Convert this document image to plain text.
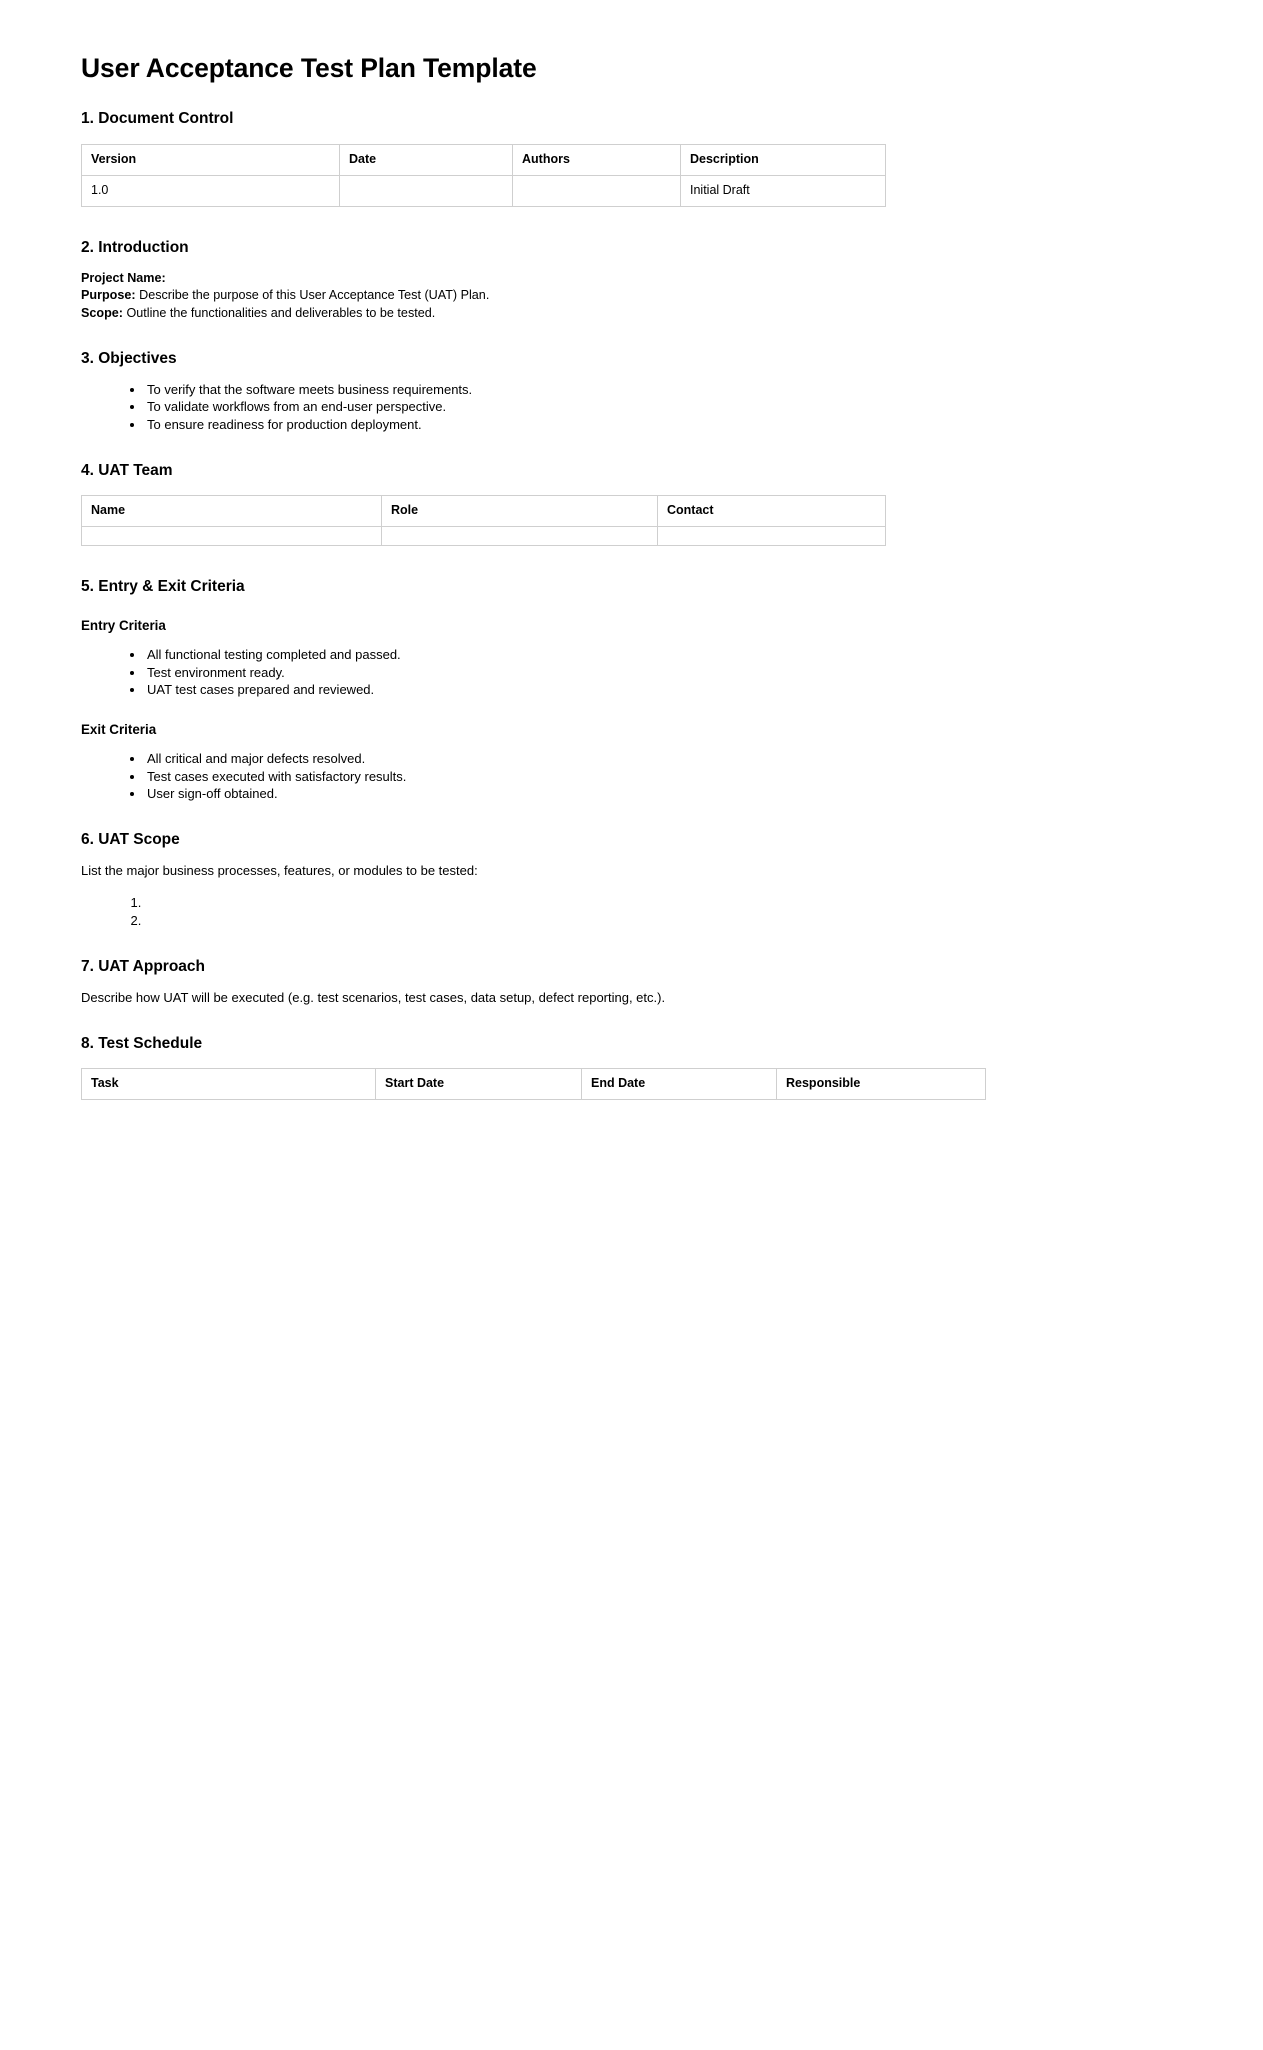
User Acceptance Test Plan Template
1. Document Control
Version	Date	Authors	Description
1.0			Initial Draft
2. Introduction
Project Name:
Purpose: Describe the purpose of this User Acceptance Test (UAT) Plan.
Scope: Outline the functionalities and deliverables to be tested.
3. Objectives
• To verify that the software meets business requirements.
• To validate workflows from an end-user perspective.
• To ensure readiness for production deployment.
4. UAT Team
Name	Role	Contact

5. Entry & Exit Criteria
Entry Criteria
• All functional testing completed and passed.
• Test environment ready.
• UAT test cases prepared and reviewed.
Exit Criteria
• All critical and major defects resolved.
• Test cases executed with satisfactory results.
• User sign-off obtained.
6. UAT Scope

List the major business processes, features, or modules to be tested:

1.
2.
7. UAT Approach

Describe how UAT will be executed (e.g. test scenarios, test cases, data setup, defect reporting, etc.).

8. Test Schedule
Task	Start Date	End Date	Responsible
